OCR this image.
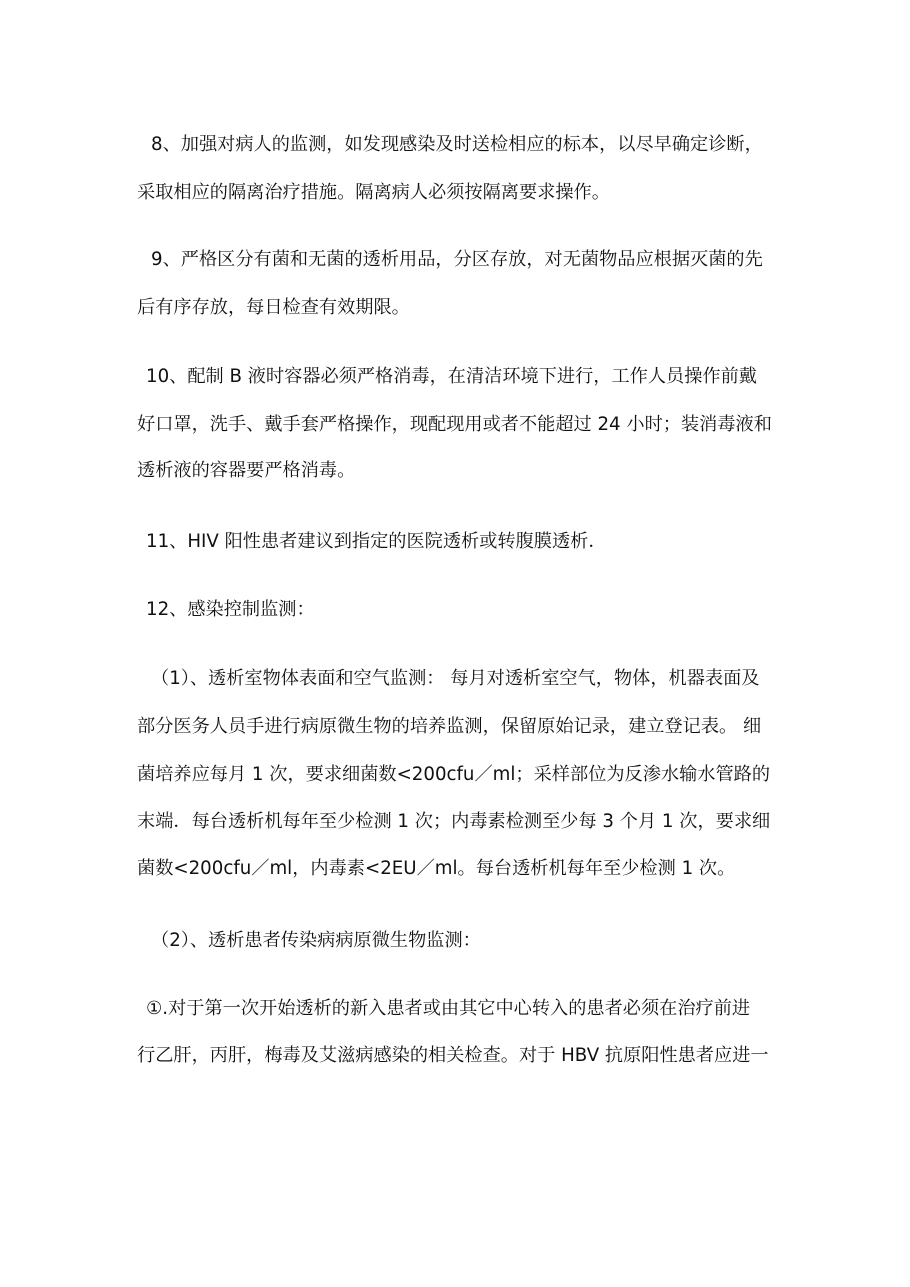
8、加强对病人的监测，如发现感染及时送检相应的标本，以尽早确定诊断，
采取相应的隔离治疗措施。隔离病人必须按隔离要求操作。
9、严格区分有菌和无菌的透析用品，分区存放，对无菌物品应根据灭菌的先
后有序存放，每日检查有效期限。
10、配制 B 液时容器必须严格消毒，在清洁环境下进行，工作人员操作前戴
好口罩，洗手、戴手套严格操作，现配现用或者不能超过 24 小时；装消毒液和
透析液的容器要严格消毒。
11、HIV 阳性患者建议到指定的医院透析或转腹膜透析．
12、感染控制监测：
（1）、透析室物体表面和空气监测： 每月对透析室空气，物体，机器表面及
部分医务人员手进行病原微生物的培养监测，保留原始记录，建立登记表。 细
菌培养应每月 1 次，要求细菌数<200cfu／ml；采样部位为反渗水输水管路的
末端．每台透析机每年至少检测 1 次；内毒素检测至少每 3 个月 1 次，要求细
菌数<200cfu／ml，内毒素<2EU／ml。每台透析机每年至少检测 1 次。
（2）、透析患者传染病病原微生物监测：
①.对于第一次开始透析的新入患者或由其它中心转入的患者必须在治疗前进
行乙肝，丙肝，梅毒及艾滋病感染的相关检查。对于 HBV 抗原阳性患者应进一
